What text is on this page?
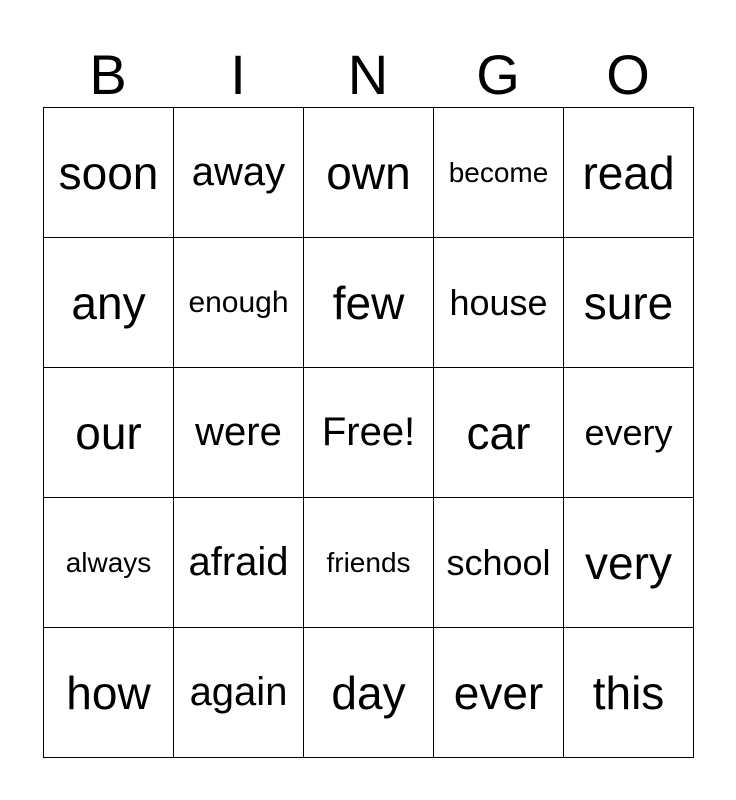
B	I	N	G	O
soon away own become read
any enough few house sure
our were Free! car every
always afraid friends school very
how again day ever this
